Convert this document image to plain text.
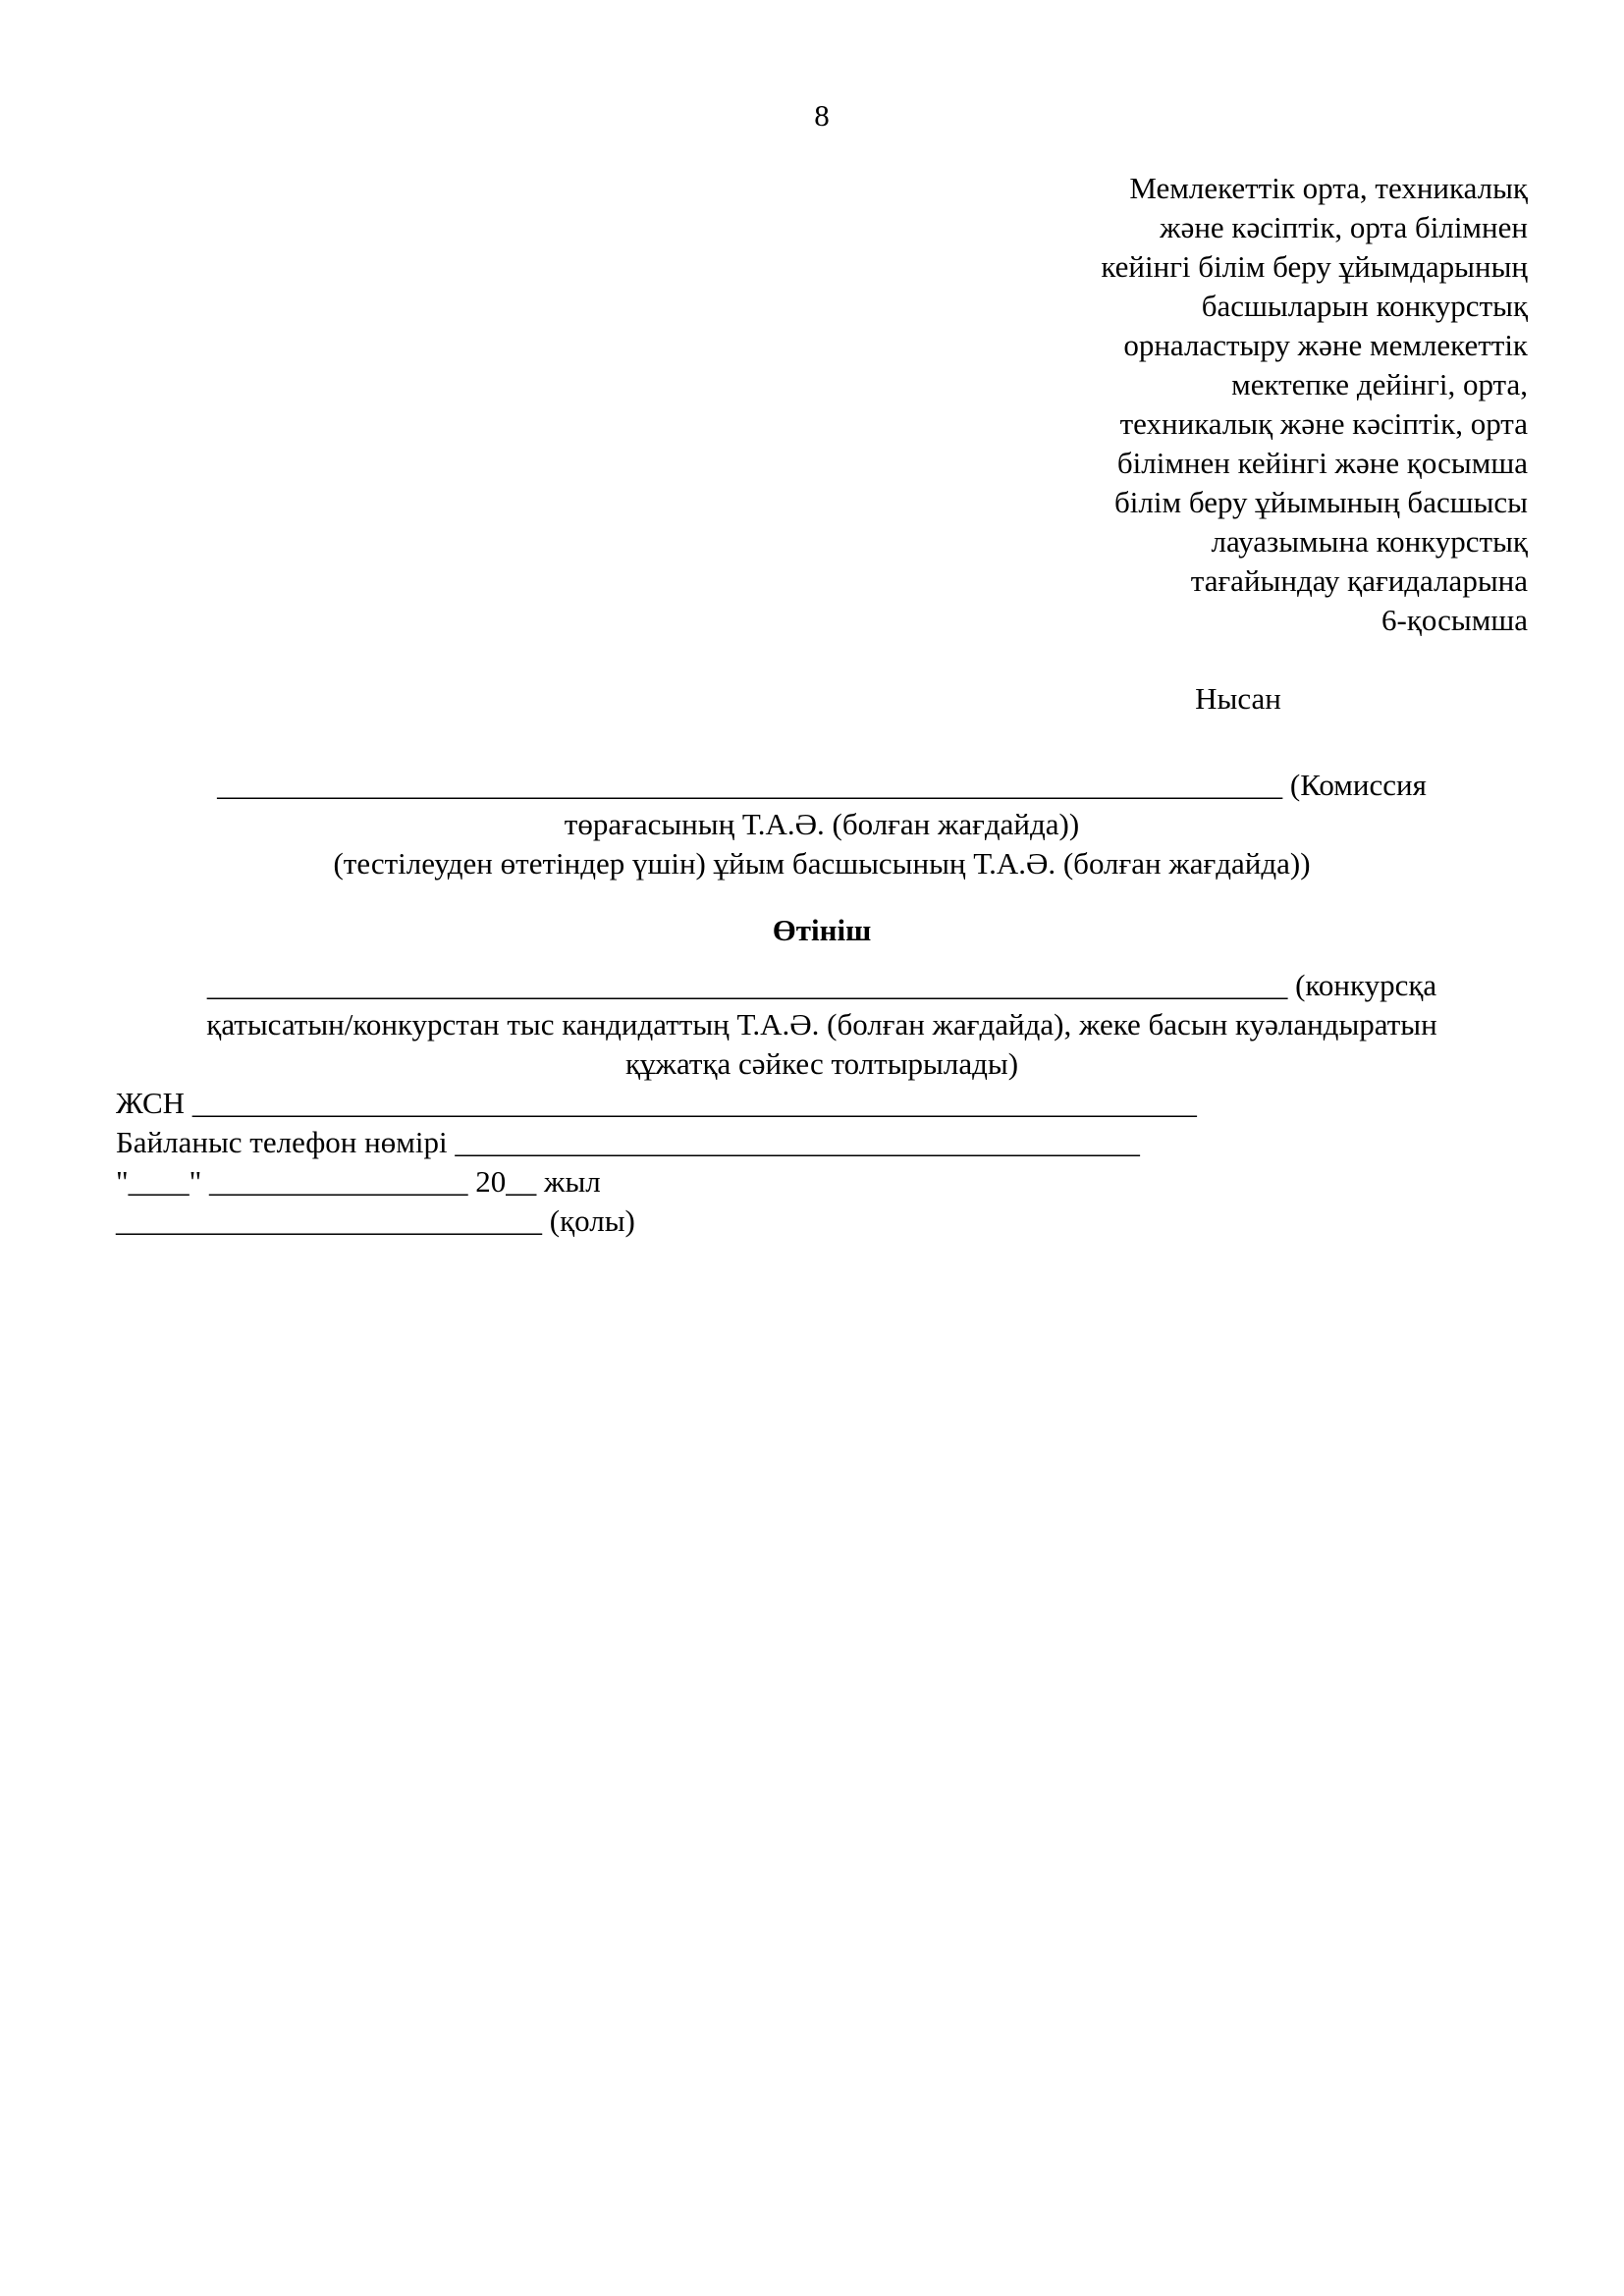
8
Мемлекеттік орта, техникалық
және кәсіптік, орта білімнен
кейінгі білім беру ұйымдарының
басшыларын конкурстық
орналастыру және мемлекеттік
мектепке дейінгі, орта,
техникалық және кәсіптік, орта
білімнен кейінгі және қосымша
білім беру ұйымының басшысы
лауазымына конкурстық
тағайындау қағидаларына
6-қосымша
Нысан
______________________________________________________________________ (Комиссия
төрағасының Т.А.Ә. (болған жағдайда))
(тестілеуден өтетіндер үшін) ұйым басшысының Т.А.Ә. (болған жағдайда))
Өтініш
_______________________________________________________________________ (конкурсқа
қатысатын/конкурстан тыс кандидаттың Т.А.Ә. (болған жағдайда), жеке басын куәландыратын
құжатқа сәйкес толтырылады)
ЖСН __________________________________________________________________
Байланыс телефон нөмірі _____________________________________________
"____" _________________ 20__ жыл
____________________________ (қолы)
